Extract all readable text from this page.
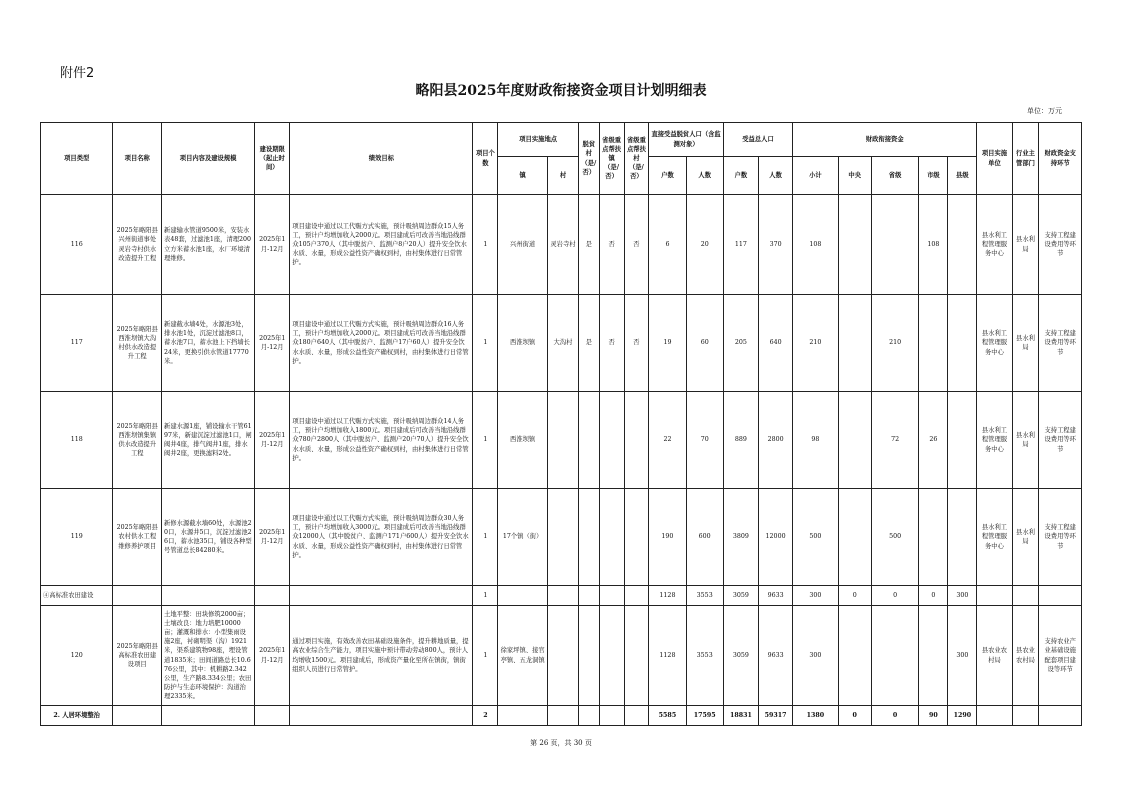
附件2
略阳县2025年度财政衔接资金项目计划明细表
单位：万元
项目类型	项目名称	项目内容及建设规模	建设期限（起止时间）	绩效目标	项目个数	项目实施地点		脱贫村（是/否）	省级重点帮扶镇（是/否）	省级重点帮扶村（是/否）	直接受益脱贫人口（含监测对象）		受益总人口		财政衔接资金					项目实施单位	行业主管部门	财政资金支持环节
						镇	村				户数	人数	户数	人数	小计	中央	省级	市级	县级			
116	2025年略阳县兴州街道事处灵岩寺村供水改造提升工程	新建输水管道9500米，安装水表48套，过滤池1座，清理200立方米蓄水池1座，水厂环境清理维修。	2025年1月-12月	项目建设中通过以工代赈方式实施，预计吸纳周边群众15人务工，预计户均增加收入2000元。项目建成后可改善当地沿线群众105户370人（其中脱贫户、监测户8户20人）提升安全饮水水质、水量，形成公益性资产确权到村，由村集体进行日常管护。	1	兴州街道	灵岩寺村	是	否	否	6	20	117	370	108			108		县水利工程管理服务中心	县水利局	支持工程建设费用等环节
117	2025年略阳县西淮坝镇大沟村供水改造提升工程	新建截水墙4处，水源池3处，排水池1处，沉淀过滤池8口，蓄水池7口，蓄水池上下挡墙长24米，更换引供水管道17770米。	2025年1月-12月	项目建设中通过以工代赈方式实施，预计吸纳周边群众16人务工，预计户均增加收入2000元。项目建成后可改善当地沿线群众180户640人（其中脱贫户、监测户17户60人）提升安全饮水水质、水量，形成公益性资产确权到村，由村集体进行日常管护。	1	西淮坝镇	大沟村	是	否	否	19	60	205	640	210		210			县水利工程管理服务中心	县水利局	支持工程建设费用等环节
118	2025年略阳县西淮坝镇集镇供水改造提升工程	新建水源1座，铺设输水干管6197米，新建沉淀过滤池1口，闸阀井4座，排气阀井1座，排水阀井2座，更换滤料2处。	2025年1月-12月	项目建设中通过以工代赈方式实施，预计吸纳周边群众14人务工，预计户均增加收入1800元。项目建成后可改善当地沿线群众780户2800人（其中脱贫户、监测户20户70人）提升安全饮水水质、水量，形成公益性资产确权到村，由村集体进行日常管护。	1	西淮坝镇					22	70	889	2800	98		72	26		县水利工程管理服务中心	县水利局	支持工程建设费用等环节
119	2025年略阳县农村供水工程维修养护项目	新修水源截水墙60处，水源池20口，水源井5口，沉淀过滤池26口，蓄水池35口，铺设各种型号管道总长84280米。	2025年1月-12月	项目建设中通过以工代赈方式实施，预计吸纳周边群众30人务工，预计户均增加收入3000元。项目建成后可改善当地沿线群众12000人（其中脱贫户、监测户171户600人）提升安全饮水水质、水量，形成公益性资产确权到村，由村集体进行日常管护。	1	17个镇（街）					190	600	3809	12000	500		500			县水利工程管理服务中心	县水利局	支持工程建设费用等环节
④高标准农田建设					1						1128	3553	3059	9633	300	0	0	0	300			
120	2025年略阳县高标准农田建设项目	土地平整：田块修筑2000亩；土壤改良：地力培肥10000亩；灌溉和排水：小型集雨设施2座，衬砌明渠（沟）1921米，渠系建筑物98座，埋设管道1835米；田间道路总长10.676公里，其中：机耕路2.342公里，生产路8.334公里；农田防护与生态环境保护：沟道治理2335米。	2025年1月-12月	通过项目实施，有效改善农田基础设施条件，提升耕地质量，提高农业综合生产能力，项目实施中预计带动劳动800人，预计人均增收1500元。项目建成后，形成资产量化至所在镇街，镇街组织人员进行日常管护。	1	徐家坪镇、接官亭镇、五龙洞镇					1128	3553	3059	9633	300				300	县农业农村局	县农业农村局	支持农业产业基础设施配套项目建设等环节
2. 人居环境整治					2						5585	17595	18831	59317	1380	0	0	90	1290			
第 26 页，共 30 页
